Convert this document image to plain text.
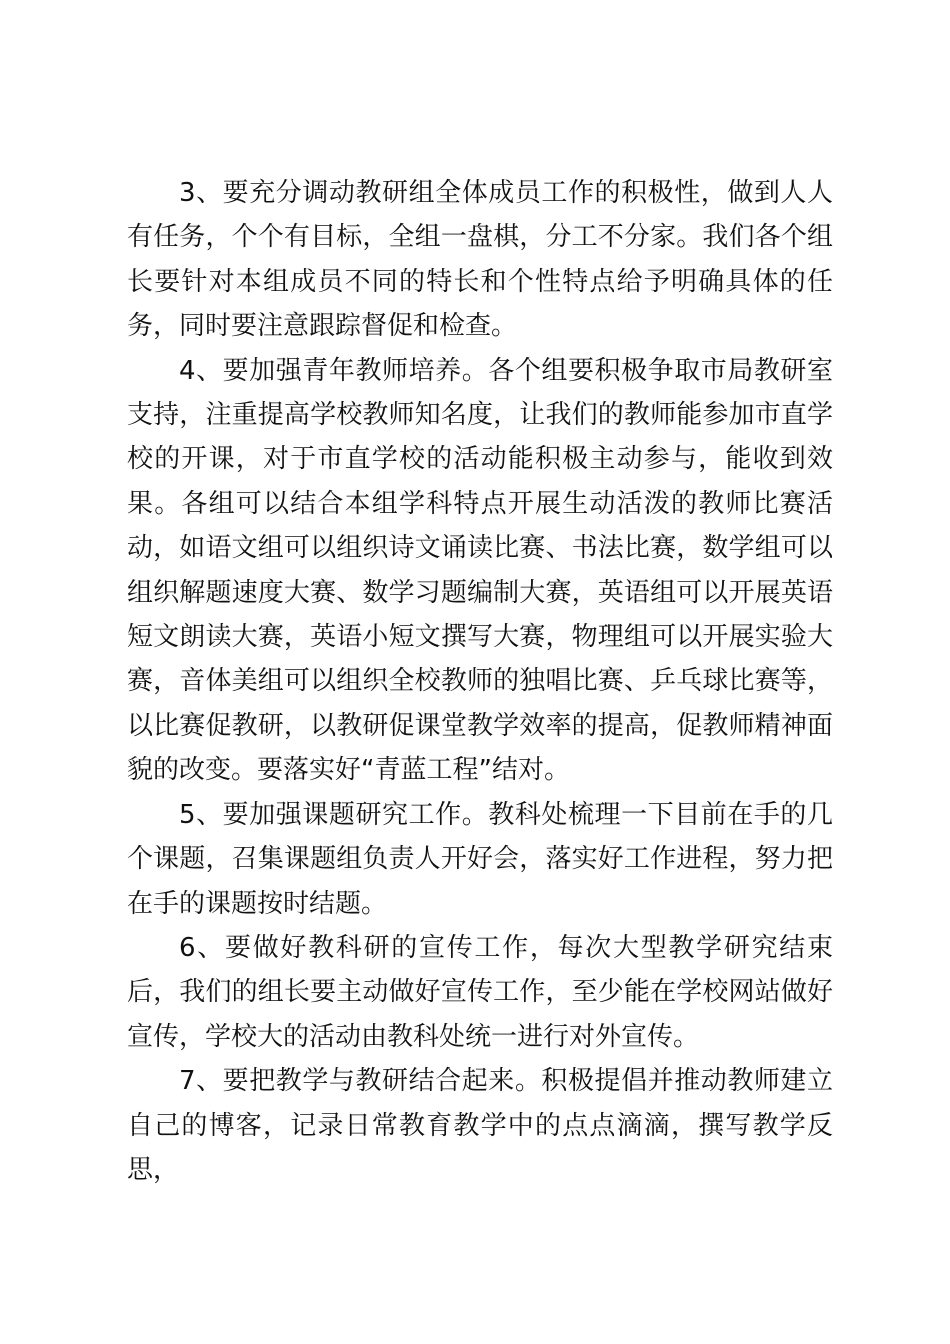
3、要充分调动教研组全体成员工作的积极性，做到人人有任务，个个有目标，全组一盘棋，分工不分家。我们各个组长要针对本组成员不同的特长和个性特点给予明确具体的任务，同时要注意跟踪督促和检查。

4、要加强青年教师培养。各个组要积极争取市局教研室支持，注重提高学校教师知名度，让我们的教师能参加市直学校的开课，对于市直学校的活动能积极主动参与，能收到效果。各组可以结合本组学科特点开展生动活泼的教师比赛活动，如语文组可以组织诗文诵读比赛、书法比赛，数学组可以组织解题速度大赛、数学习题编制大赛，英语组可以开展英语短文朗读大赛，英语小短文撰写大赛，物理组可以开展实验大赛，音体美组可以组织全校教师的独唱比赛、乒乓球比赛等，以比赛促教研，以教研促课堂教学效率的提高，促教师精神面貌的改变。要落实好“青蓝工程”结对。

5、要加强课题研究工作。教科处梳理一下目前在手的几个课题，召集课题组负责人开好会，落实好工作进程，努力把在手的课题按时结题。

6、要做好教科研的宣传工作，每次大型教学研究结束后，我们的组长要主动做好宣传工作，至少能在学校网站做好宣传，学校大的活动由教科处统一进行对外宣传。

7、要把教学与教研结合起来。积极提倡并推动教师建立自己的博客，记录日常教育教学中的点点滴滴，撰写教学反思，
